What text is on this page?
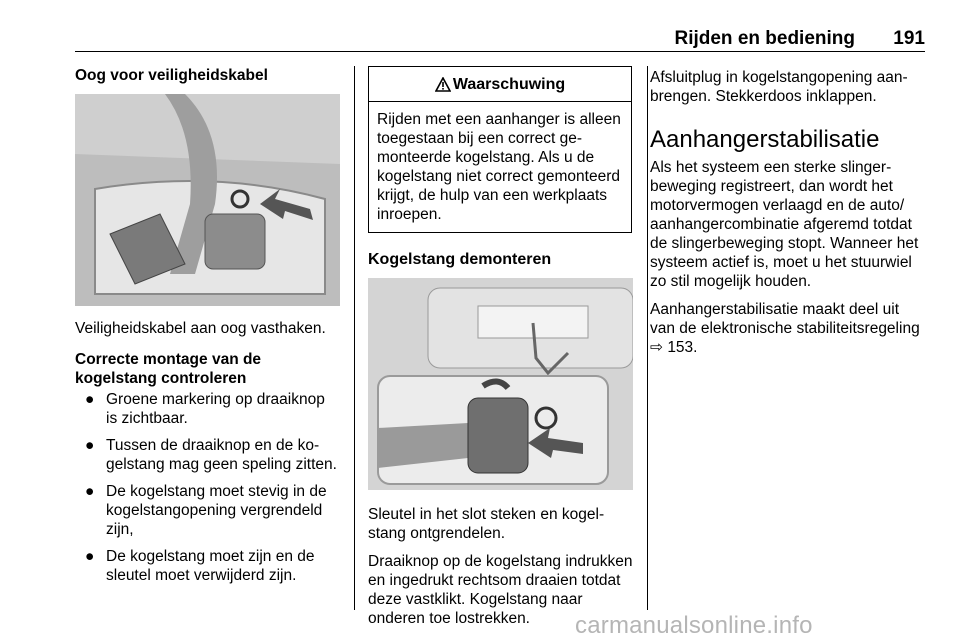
Rijden en bediening 191

Oog voor veiligheidskabel

Veiligheidskabel aan oog vasthaken.

Correcte montage van de kogelstang controleren

● Groene markering op draaiknop is zichtbaar.
● Tussen de draaiknop en de kogelstang mag geen speling zitten.
● De kogelstang moet stevig in de kogelstangopening vergrendeld zijn,
● De kogelstang moet zijn en de sleutel moet verwijderd zijn.
Waarschuwing
Rijden met een aanhanger is alleen toegestaan bij een correct gemonteerde kogelstang. Als u de kogelstang niet correct gemonteerd krijgt, de hulp van een werkplaats inroepen.

Kogelstang demonteren

Sleutel in het slot steken en kogelstang ontgrendelen.

Draaiknop op de kogelstang indrukken en ingedrukt rechtsom draaien totdat deze vastklikt. Kogelstang naar onderen toe lostrekken.

Afsluitplug in kogelstangopening aanbrengen. Stekkerdoos inklappen.

Aanhangerstabilisatie

Als het systeem een sterke slingerbeweging registreert, dan wordt het motorvermogen verlaagd en de auto/ aanhangercombinatie afgeremd totdat de slingerbeweging stopt. Wanneer het systeem actief is, moet u het stuurwiel zo stil mogelijk houden.

Aanhangerstabilisatie maakt deel uit van de elektronische stabiliteitsregeling ⇨ 153.

carmanualsonline.info
